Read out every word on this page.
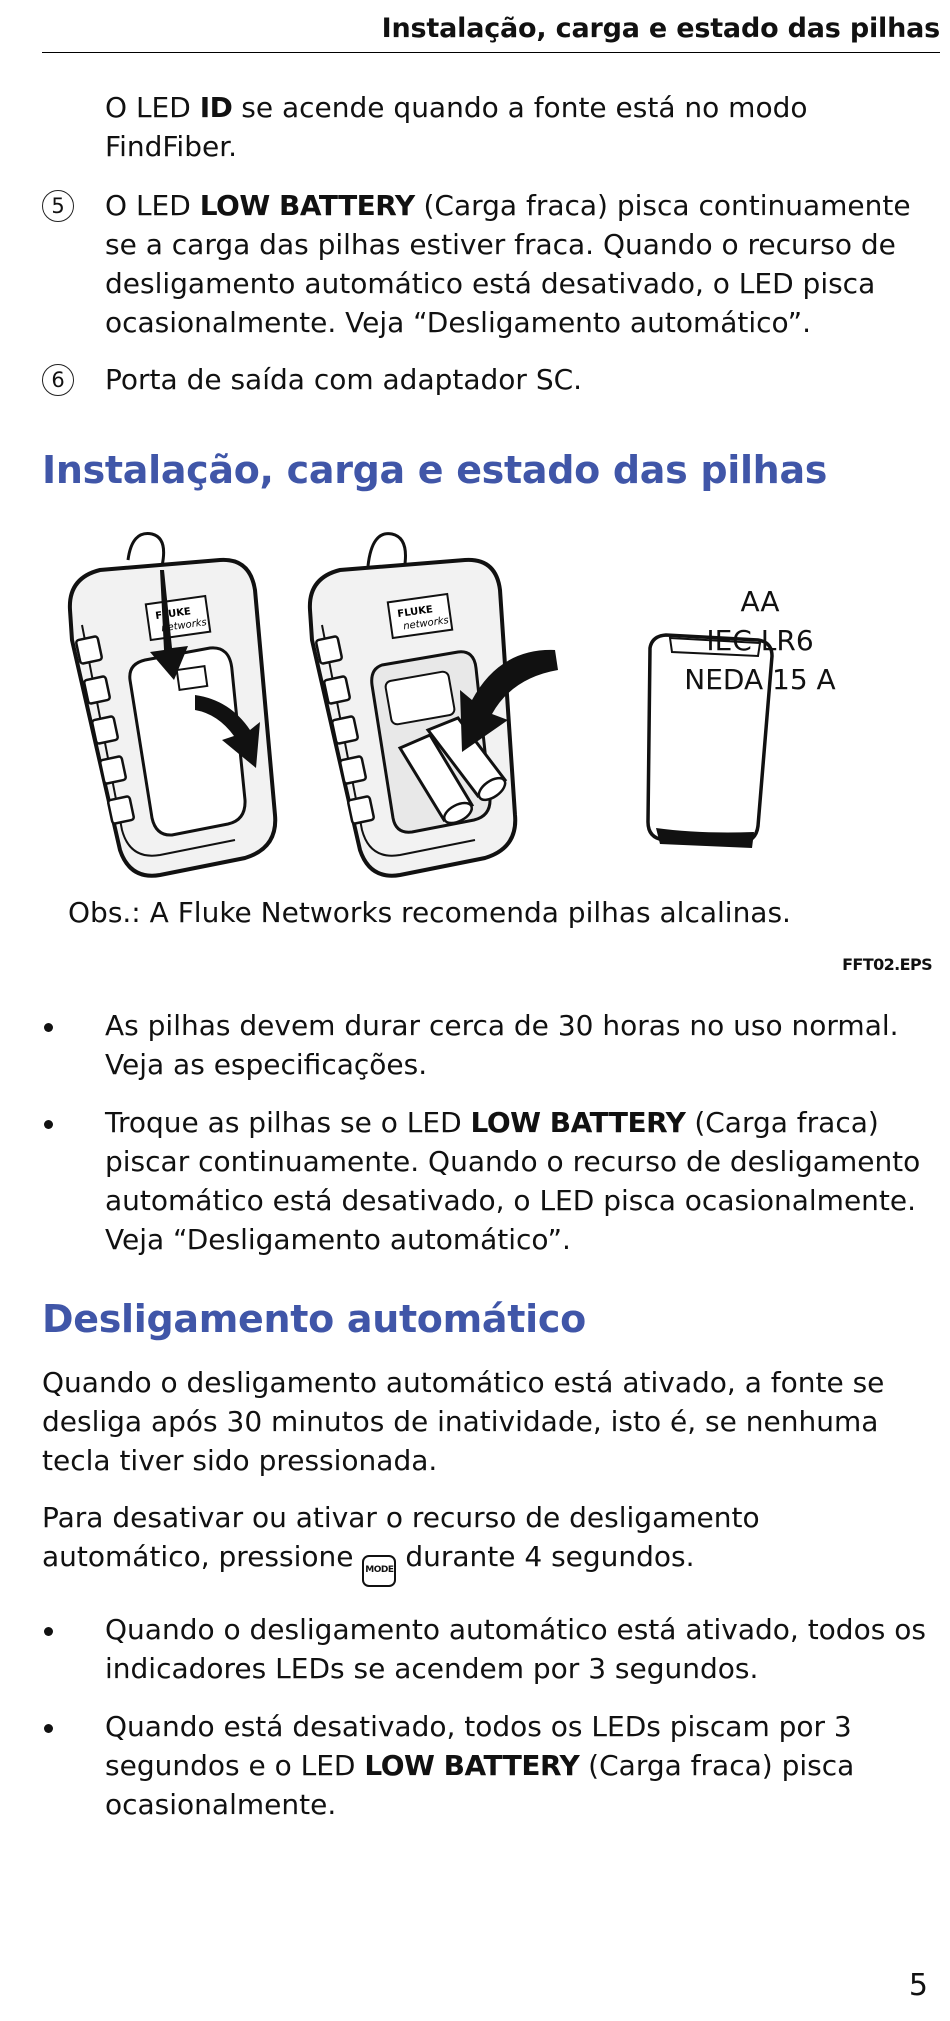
Instalação, carga e estado das pilhas

O LED ID se acende quando a fonte está no modo FindFiber.

5	O LED LOW BATTERY (Carga fraca) pisca continuamente se a carga das pilhas estiver fraca. Quando o recurso de desligamento automático está desativado, o LED pisca ocasionalmente. Veja “Desligamento automático”.

6	Porta de saída com adaptador SC.

Instalação, carga e estado das pilhas
FLUKE
networks
FLUKE
networks
AA
IEC LR6
NEDA 15 A

Obs.: A Fluke Networks recomenda pilhas alcalinas.

FFT02.EPS

As pilhas devem durar cerca de 30 horas no uso normal. Veja as especificações.

Troque as pilhas se o LED LOW BATTERY (Carga fraca) piscar continuamente. Quando o recurso de desligamento automático está desativado, o LED pisca ocasionalmente. Veja “Desligamento automático”.

Desligamento automático

Quando o desligamento automático está ativado, a fonte se desliga após 30 minutos de inatividade, isto é, se nenhuma tecla tiver sido pressionada.

Para desativar ou ativar o recurso de desligamento automático, pressione MODE durante 4 segundos.

Quando o desligamento automático está ativado, todos os indicadores LEDs se acendem por 3 segundos.

Quando está desativado, todos os LEDs piscam por 3 segundos e o LED LOW BATTERY (Carga fraca) pisca ocasionalmente.

5
